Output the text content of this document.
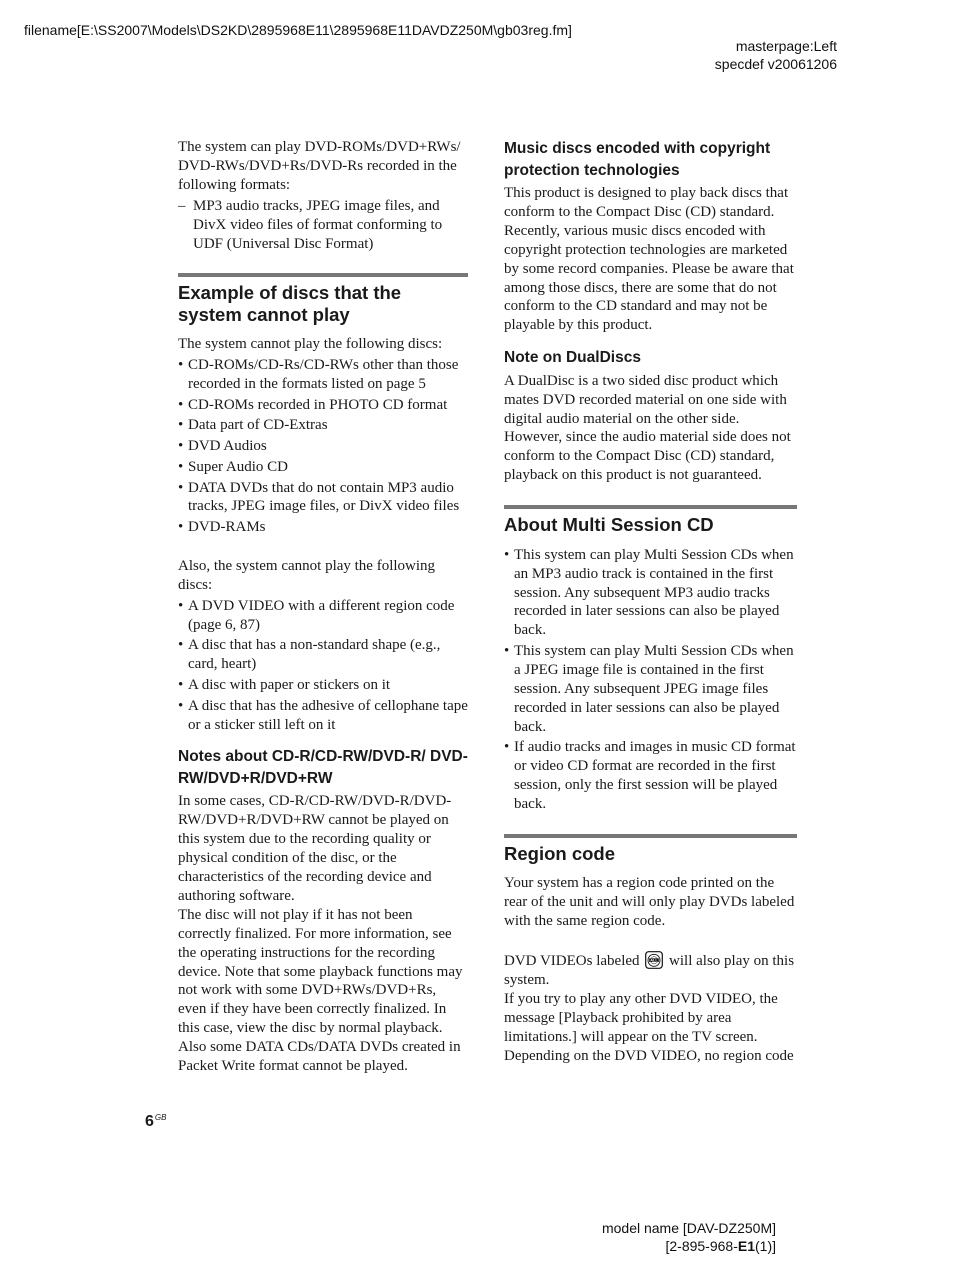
filename[E:\SS2007\Models\DS2KD\2895968E11\2895968E11DAVDZ250M\gb03reg.fm]
masterpage:Left
specdef v20061206

The system can play DVD-ROMs/DVD+RWs/ DVD-RWs/DVD+Rs/DVD-Rs recorded in the following formats:

– MP3 audio tracks, JPEG image files, and DivX video files of format conforming to UDF (Universal Disc Format)
Example of discs that the system cannot play

The system cannot play the following discs:

• CD-ROMs/CD-Rs/CD-RWs other than those recorded in the formats listed on page 5
• CD-ROMs recorded in PHOTO CD format
• Data part of CD-Extras
• DVD Audios
• Super Audio CD
• DATA DVDs that do not contain MP3 audio tracks, JPEG image files, or DivX video files
• DVD-RAMs

Also, the system cannot play the following discs:

• A DVD VIDEO with a different region code (page 6, 87)
• A disc that has a non-standard shape (e.g., card, heart)
• A disc with paper or stickers on it
• A disc that has the adhesive of cellophane tape or a sticker still left on it
Notes about CD-R/CD-RW/DVD-R/ DVD-RW/DVD+R/DVD+RW

In some cases, CD-R/CD-RW/DVD-R/DVD-RW/DVD+R/DVD+RW cannot be played on this system due to the recording quality or physical condition of the disc, or the characteristics of the recording device and authoring software.

The disc will not play if it has not been correctly finalized. For more information, see the operating instructions for the recording device. Note that some playback functions may not work with some DVD+RWs/DVD+Rs, even if they have been correctly finalized. In this case, view the disc by normal playback. Also some DATA CDs/DATA DVDs created in Packet Write format cannot be played.

Music discs encoded with copyright protection technologies

This product is designed to play back discs that conform to the Compact Disc (CD) standard. Recently, various music discs encoded with copyright protection technologies are marketed by some record companies. Please be aware that among those discs, there are some that do not conform to the CD standard and may not be playable by this product.

Note on DualDiscs

A DualDisc is a two sided disc product which mates DVD recorded material on one side with digital audio material on the other side. However, since the audio material side does not conform to the Compact Disc (CD) standard, playback on this product is not guaranteed.

About Multi Session CD
• This system can play Multi Session CDs when an MP3 audio track is contained in the first session. Any subsequent MP3 audio tracks recorded in later sessions can also be played back.
• This system can play Multi Session CDs when a JPEG image file is contained in the first session. Any subsequent JPEG image files recorded in later sessions can also be played back.
• If audio tracks and images in music CD format or video CD format are recorded in the first session, only the first session will be played back.
Region code

Your system has a region code printed on the rear of the unit and will only play DVDs labeled with the same region code.

DVD VIDEOs labeled	ALL will also play on this system.

If you try to play any other DVD VIDEO, the message [Playback prohibited by area limitations.] will appear on the TV screen. Depending on the DVD VIDEO, no region code

$6^{GB}$
model name [DAV-DZ250M]
[2-895-968-E1(1)]
